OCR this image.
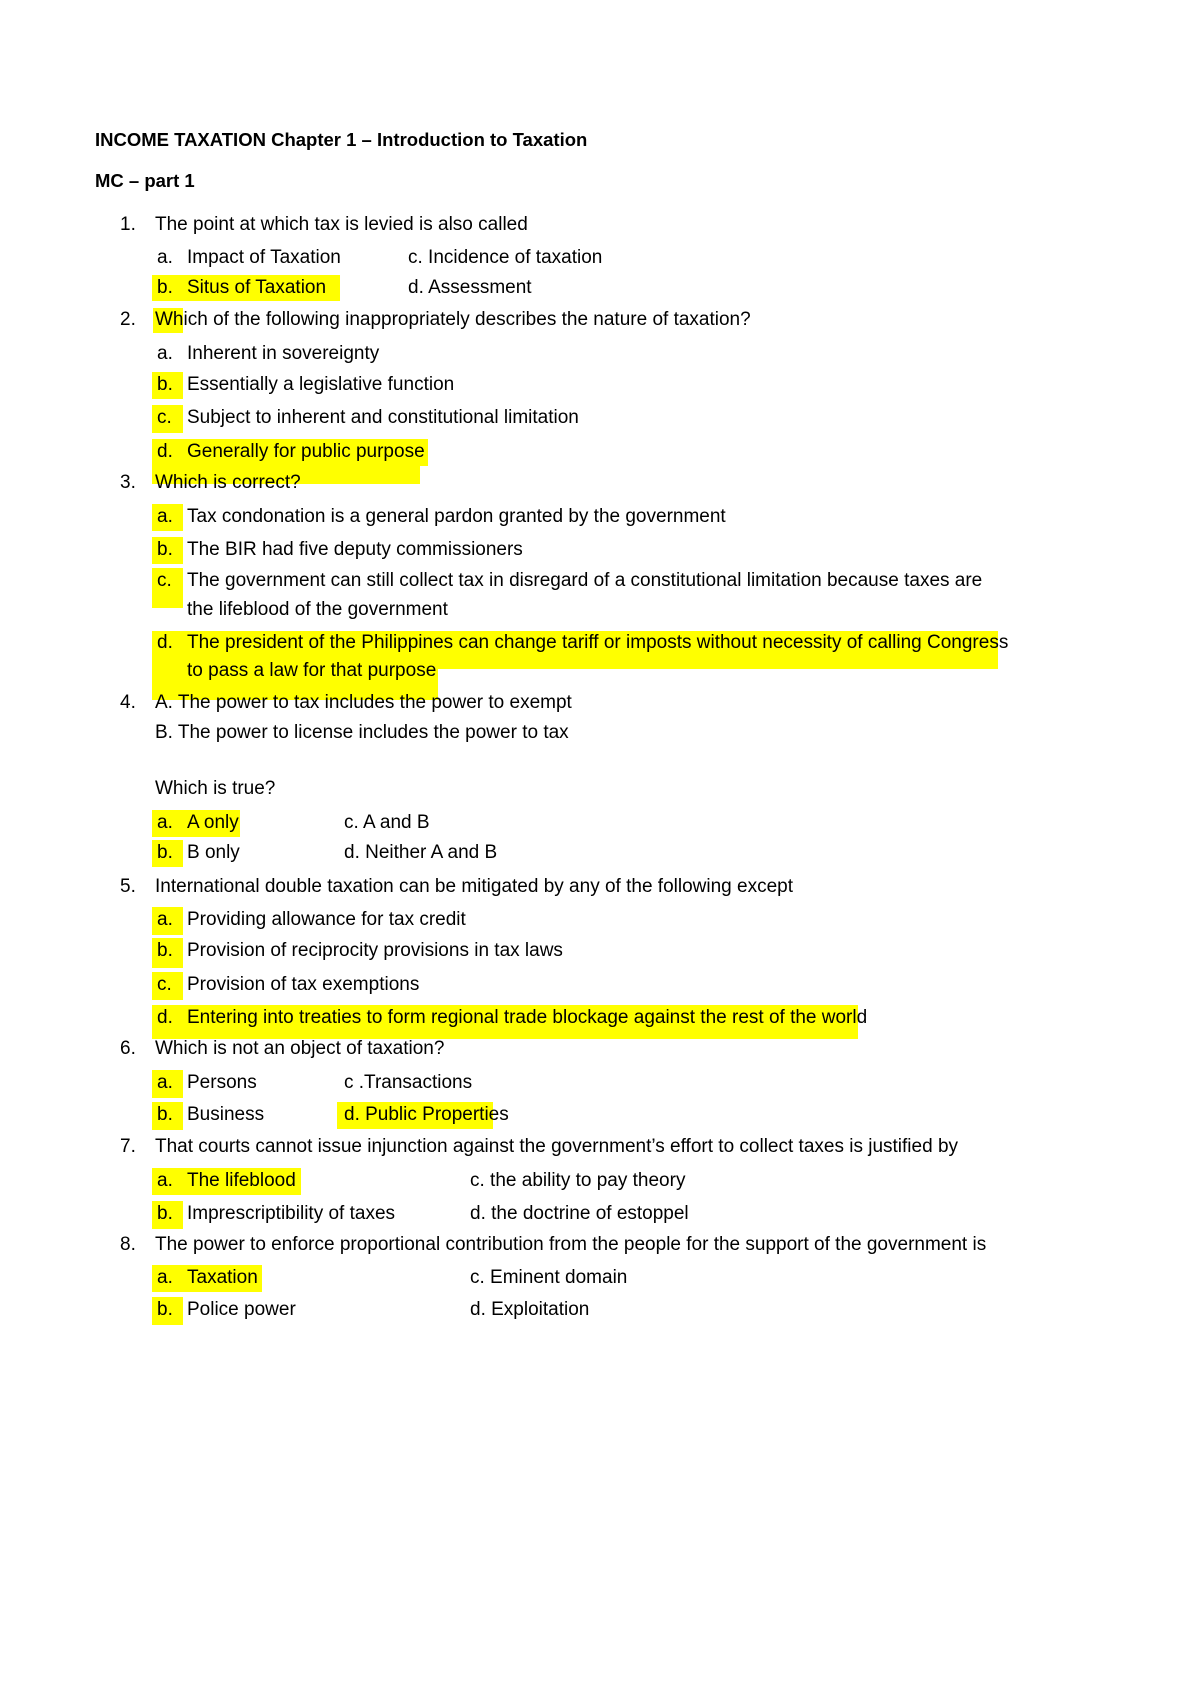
INCOME TAXATION Chapter 1 – Introduction to Taxation
MC – part 1
1. The point at which tax is levied is also called
a. Impact of Taxation	c. Incidence of taxation
b. Situs of Taxation	d. Assessment
2. Which of the following inappropriately describes the nature of taxation?
a. Inherent in sovereignty
b. Essentially a legislative function
c. Subject to inherent and constitutional limitation
d. Generally for public purpose
3. Which is correct?
a. Tax condonation is a general pardon granted by the government
b. The BIR had five deputy commissioners
c. The government can still collect tax in disregard of a constitutional limitation because taxes are
the lifeblood of the government
d. The president of the Philippines can change tariff or imposts without necessity of calling Congress
to pass a law for that purpose
4. A. The power to tax includes the power to exempt
B. The power to license includes the power to tax
Which is true?
a. A only	c. A and B
b. B only	d. Neither A and B
5. International double taxation can be mitigated by any of the following except
a. Providing allowance for tax credit
b. Provision of reciprocity provisions in tax laws
c. Provision of tax exemptions
d. Entering into treaties to form regional trade blockage against the rest of the world
6. Which is not an object of taxation?
a. Persons	c .Transactions
b. Business	d. Public Properties
7. That courts cannot issue injunction against the government’s effort to collect taxes is justified by
a. The lifeblood	c. the ability to pay theory
b. Imprescriptibility of taxes	d. the doctrine of estoppel
8. The power to enforce proportional contribution from the people for the support of the government is
a. Taxation	c. Eminent domain
b. Police power	d. Exploitation
